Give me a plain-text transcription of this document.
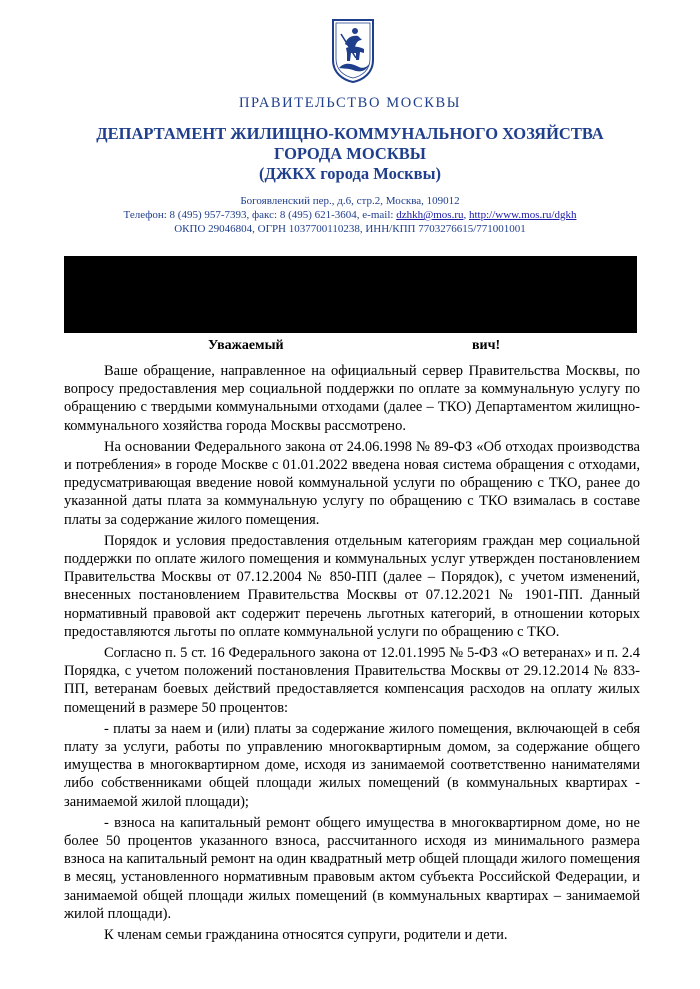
ПРАВИТЕЛЬСТВО МОСКВЫ
ДЕПАРТАМЕНТ ЖИЛИЩНО-КОММУНАЛЬНОГО ХОЗЯЙСТВА
ГОРОДА МОСКВЫ
(ДЖКХ города Москвы)
Богоявленский пер., д.6, стр.2, Москва, 109012
Телефон: 8 (495) 957-7393, факс: 8 (495) 621-3604, e-mail: dzhkh@mos.ru, http://www.mos.ru/dgkh
ОКПО 29046804, ОГРН 1037700110238, ИНН/КПП 7703276615/771001001
Уважаемый	вич!

Ваше обращение, направленное на официальный сервер Правительства Москвы, по вопросу предоставления мер социальной поддержки по оплате за коммунальную услугу по обращению с твердыми коммунальными отходами (далее – ТКО) Департаментом жилищно-коммунального хозяйства города Москвы рассмотрено.

На основании Федерального закона от 24.06.1998 № 89-ФЗ «Об отходах производства и потребления» в городе Москве с 01.01.2022 введена новая система обращения с отходами, предусматривающая введение новой коммунальной услуги по обращению с ТКО, ранее до указанной даты плата за коммунальную услугу по обращению с ТКО взималась в составе платы за содержание жилого помещения.

Порядок и условия предоставления отдельным категориям граждан мер социальной поддержки по оплате жилого помещения и коммунальных услуг утвержден постановлением Правительства Москвы от 07.12.2004 № 850-ПП (далее – Порядок), с учетом изменений, внесенных постановлением Правительства Москвы от 07.12.2021 № 1901-ПП. Данный нормативный правовой акт содержит перечень льготных категорий, в отношении которых предоставляются льготы по оплате коммунальной услуги по обращению с ТКО.

Согласно п. 5 ст. 16 Федерального закона от 12.01.1995 № 5-ФЗ «О ветеранах» и п. 2.4 Порядка, с учетом положений постановления Правительства Москвы от 29.12.2014 № 833-ПП, ветеранам боевых действий предоставляется компенсация расходов на оплату жилых помещений в размере 50 процентов:

- платы за наем и (или) платы за содержание жилого помещения, включающей в себя плату за услуги, работы по управлению многоквартирным домом, за содержание общего имущества в многоквартирном доме, исходя из занимаемой соответственно нанимателями либо собственниками общей площади жилых помещений (в коммунальных квартирах - занимаемой жилой площади);

- взноса на капитальный ремонт общего имущества в многоквартирном доме, но не более 50 процентов указанного взноса, рассчитанного исходя из минимального размера взноса на капитальный ремонт на один квадратный метр общей площади жилого помещения в месяц, установленного нормативным правовым актом субъекта Российской Федерации, и занимаемой общей площади жилых помещений (в коммунальных квартирах – занимаемой жилой площади).

К членам семьи гражданина относятся супруги, родители и дети.
